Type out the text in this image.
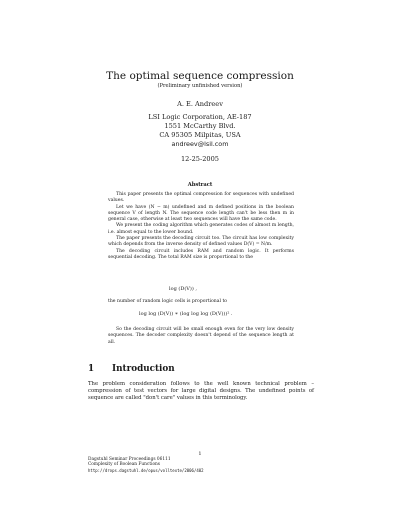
The optimal sequence compression
(Preliminary unfinished version)
A. E. Andreev
LSI Logic Corporation, AE-187
1551 McCarthy Blvd.
CA 95305 Milpitas, USA
andreev@lsil.com
12-25-2005
Abstract

This paper presents the optimal compression for sequences with undefined values.

Let we have (N − m) undefined and m defined positions in the boolean sequence V of length N. The sequence code length can't be less then m in general case, otherwise at least two sequences will have the same code.

We present the coding algorithm which generates codes of almost m length, i.e. almost equal to the lower bound.

The paper presents the decoding circuit too. The circuit has low complexity which depends from the inverse density of defined values D(V) = N/m.

The decoding circuit includes RAM and random logic. It performs sequential decoding. The total RAM size is proportional to the

log (D(V)) ,

the number of random logic cells is proportional to

log log (D(V)) ∗ (log log log (D(V)))² .

So the decoding circuit will be small enough even for the very low density sequences. The decoder complexity doesn't depend of the sequence length at all.

1 Introduction

The problem consideration follows to the well known technical problem – compression of test vectors for large digital designs. The undefined points of sequence are called "don't care" values in this terminology.

1
Dagstuhl Seminar Proceedings 06111
Complexity of Boolean Functions
http://drops.dagstuhl.de/opus/volltexte/2006/402
